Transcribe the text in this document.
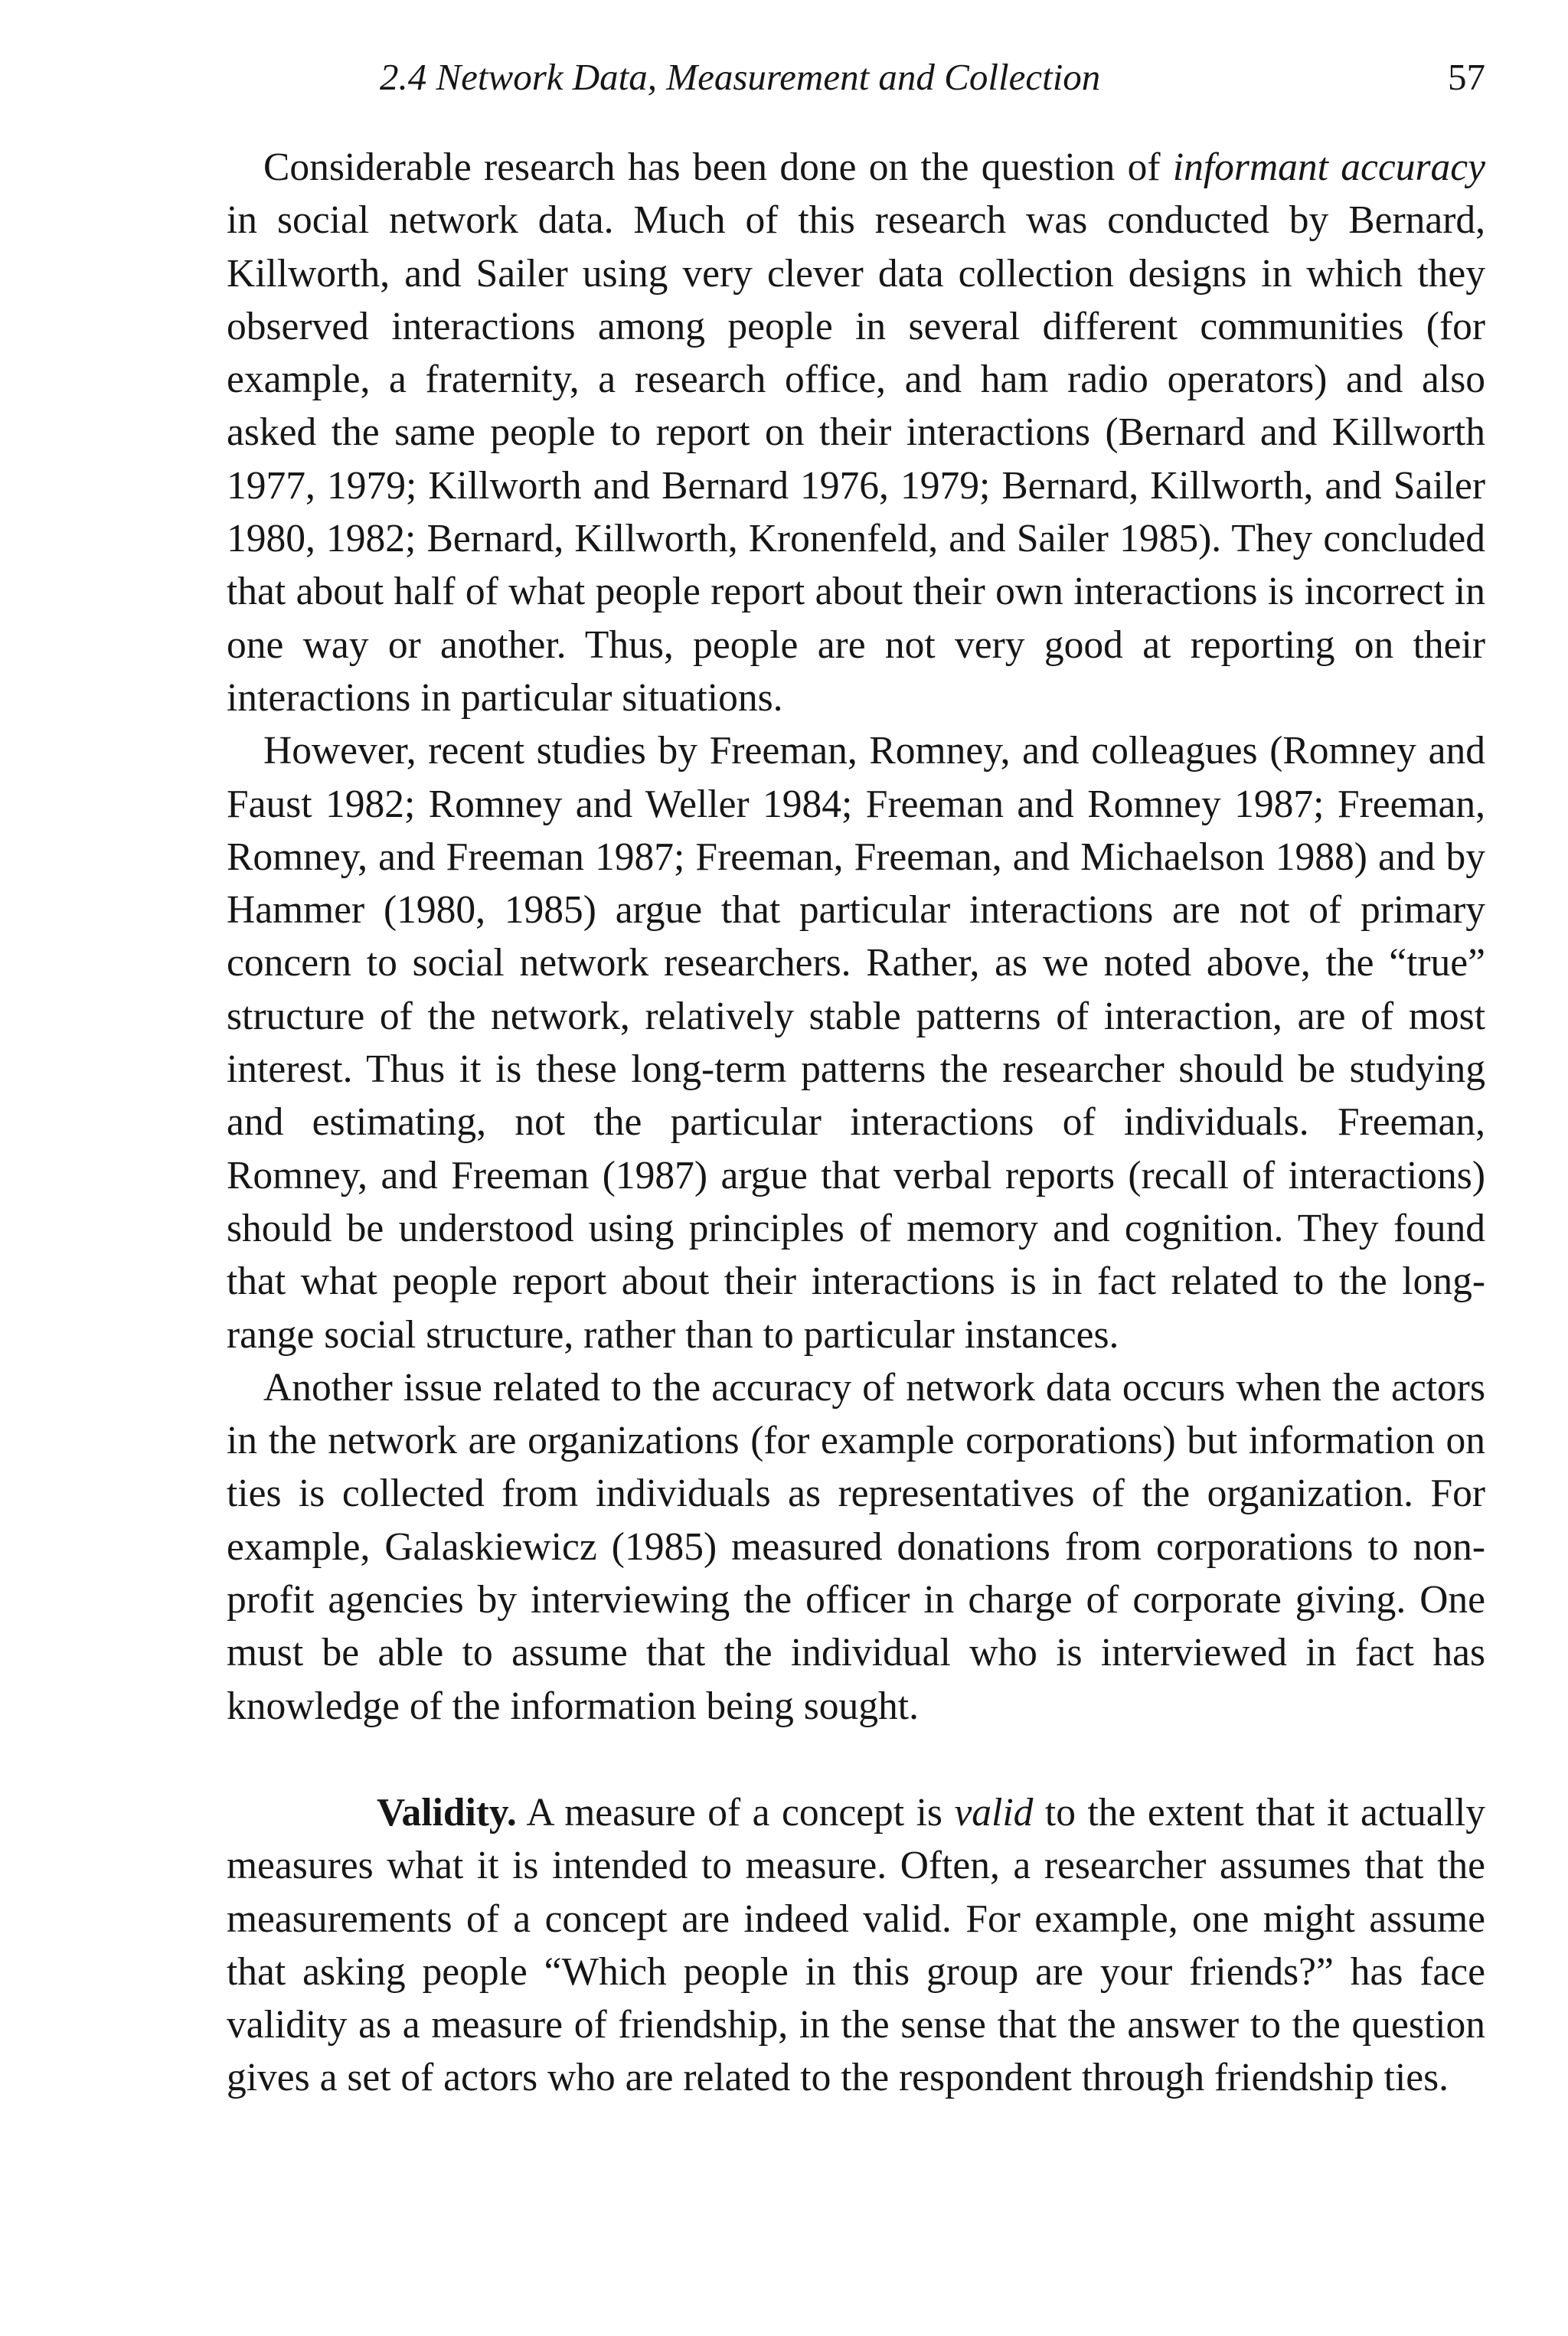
2.4 Network Data, Measurement and Collection	57

Considerable research has been done on the question of informant accuracy in social network data. Much of this research was conducted by Bernard, Killworth, and Sailer using very clever data collection designs in which they observed interactions among people in several different communities (for example, a fraternity, a research office, and ham radio operators) and also asked the same people to report on their interactions (Bernard and Killworth 1977, 1979; Killworth and Bernard 1976, 1979; Bernard, Killworth, and Sailer 1980, 1982; Bernard, Killworth, Kronenfeld, and Sailer 1985). They concluded that about half of what people report about their own interactions is incorrect in one way or another. Thus, people are not very good at reporting on their interactions in particular situations.

However, recent studies by Freeman, Romney, and colleagues (Romney and Faust 1982; Romney and Weller 1984; Freeman and Romney 1987; Freeman, Romney, and Freeman 1987; Freeman, Freeman, and Michaelson 1988) and by Hammer (1980, 1985) argue that particular interactions are not of primary concern to social network researchers. Rather, as we noted above, the “true” structure of the network, relatively stable patterns of interaction, are of most interest. Thus it is these long-term patterns the researcher should be studying and estimating, not the particular interactions of individuals. Freeman, Romney, and Freeman (1987) argue that verbal reports (recall of interactions) should be understood using principles of memory and cognition. They found that what people report about their interactions is in fact related to the long-range social structure, rather than to particular instances.

Another issue related to the accuracy of network data occurs when the actors in the network are organizations (for example corporations) but information on ties is collected from individuals as representatives of the organization. For example, Galaskiewicz (1985) measured donations from corporations to non-profit agencies by interviewing the officer in charge of corporate giving. One must be able to assume that the individual who is interviewed in fact has knowledge of the information being sought.

Validity. A measure of a concept is valid to the extent that it actually measures what it is intended to measure. Often, a researcher assumes that the measurements of a concept are indeed valid. For example, one might assume that asking people “Which people in this group are your friends?” has face validity as a measure of friendship, in the sense that the answer to the question gives a set of actors who are related to the respondent through friendship ties.
